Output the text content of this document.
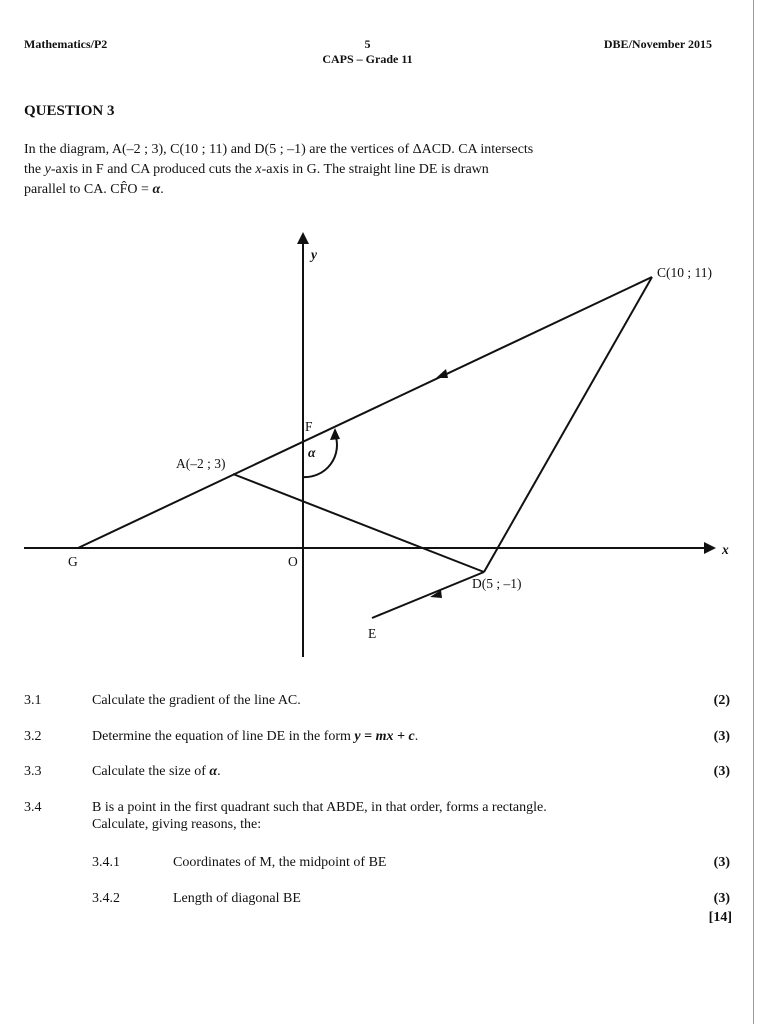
Mathematics/P2	5
CAPS – Grade 11
DBE/November 2015
QUESTION 3

In the diagram, A(–2 ; 3), C(10 ; 11) and D(5 ; –1) are the vertices of ΔACD. CA intersects

the y-axis in F and CA produced cuts the x-axis in G. The straight line DE is drawn

parallel to CA. CF̂O = α.

y
x
O
C(10 ; 11)
A(–2 ; 3)
D(5 ; –1)
F
G
E
α
3.1	Calculate the gradient of the line AC.	(2)
3.2	Determine the equation of line DE in the form y = mx + c.	(3)
3.3	Calculate the size of α.	(3)
3.4	B is a point in the first quadrant such that ABDE, in that order, forms a rectangle.
Calculate, giving reasons, the:
3.4.1	Coordinates of M, the midpoint of BE	(3)
3.4.2	Length of diagonal BE	(3)
[14]
